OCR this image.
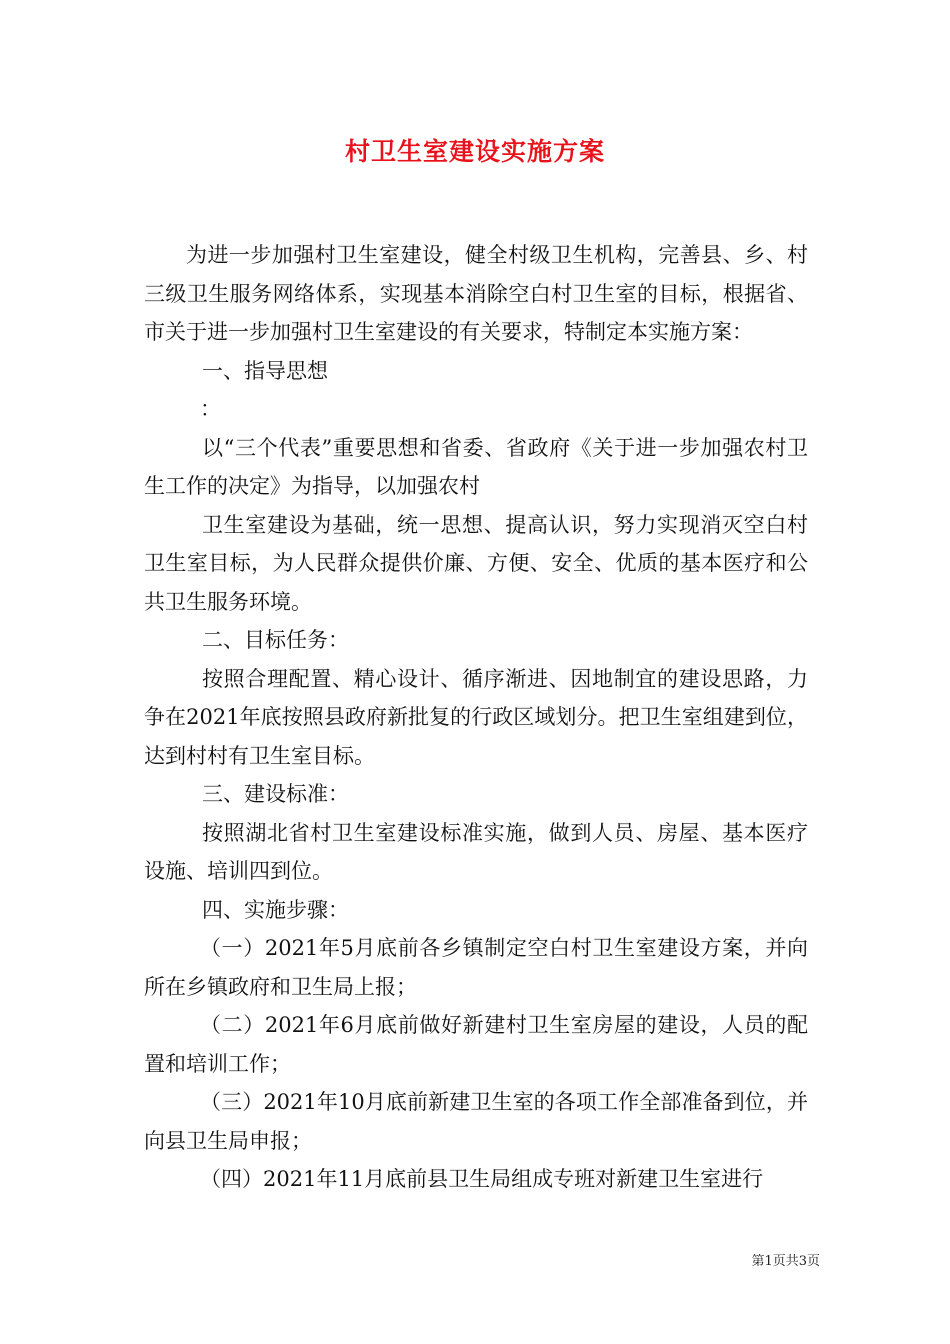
村卫生室建设实施方案

为进一步加强村卫生室建设，健全村级卫生机构，完善县、乡、村三级卫生服务网络体系，实现基本消除空白村卫生室的目标，根据省、市关于进一步加强村卫生室建设的有关要求，特制定本实施方案：

一、指导思想

：

以“三个代表”重要思想和省委、省政府《关于进一步加强农村卫生工作的决定》为指导，以加强农村

卫生室建设为基础，统一思想、提高认识，努力实现消灭空白村卫生室目标，为人民群众提供价廉、方便、安全、优质的基本医疗和公共卫生服务环境。

二、目标任务：

按照合理配置、精心设计、循序渐进、因地制宜的建设思路，力争在2021年底按照县政府新批复的行政区域划分。把卫生室组建到位，达到村村有卫生室目标。

三、建设标准：

按照湖北省村卫生室建设标准实施，做到人员、房屋、基本医疗设施、培训四到位。

四、实施步骤：

（一）2021年5月底前各乡镇制定空白村卫生室建设方案，并向所在乡镇政府和卫生局上报；

（二）2021年6月底前做好新建村卫生室房屋的建设，人员的配置和培训工作；

（三）2021年10月底前新建卫生室的各项工作全部准备到位，并向县卫生局申报；

（四）2021年11月底前县卫生局组成专班对新建卫生室进行

第1页共3页
